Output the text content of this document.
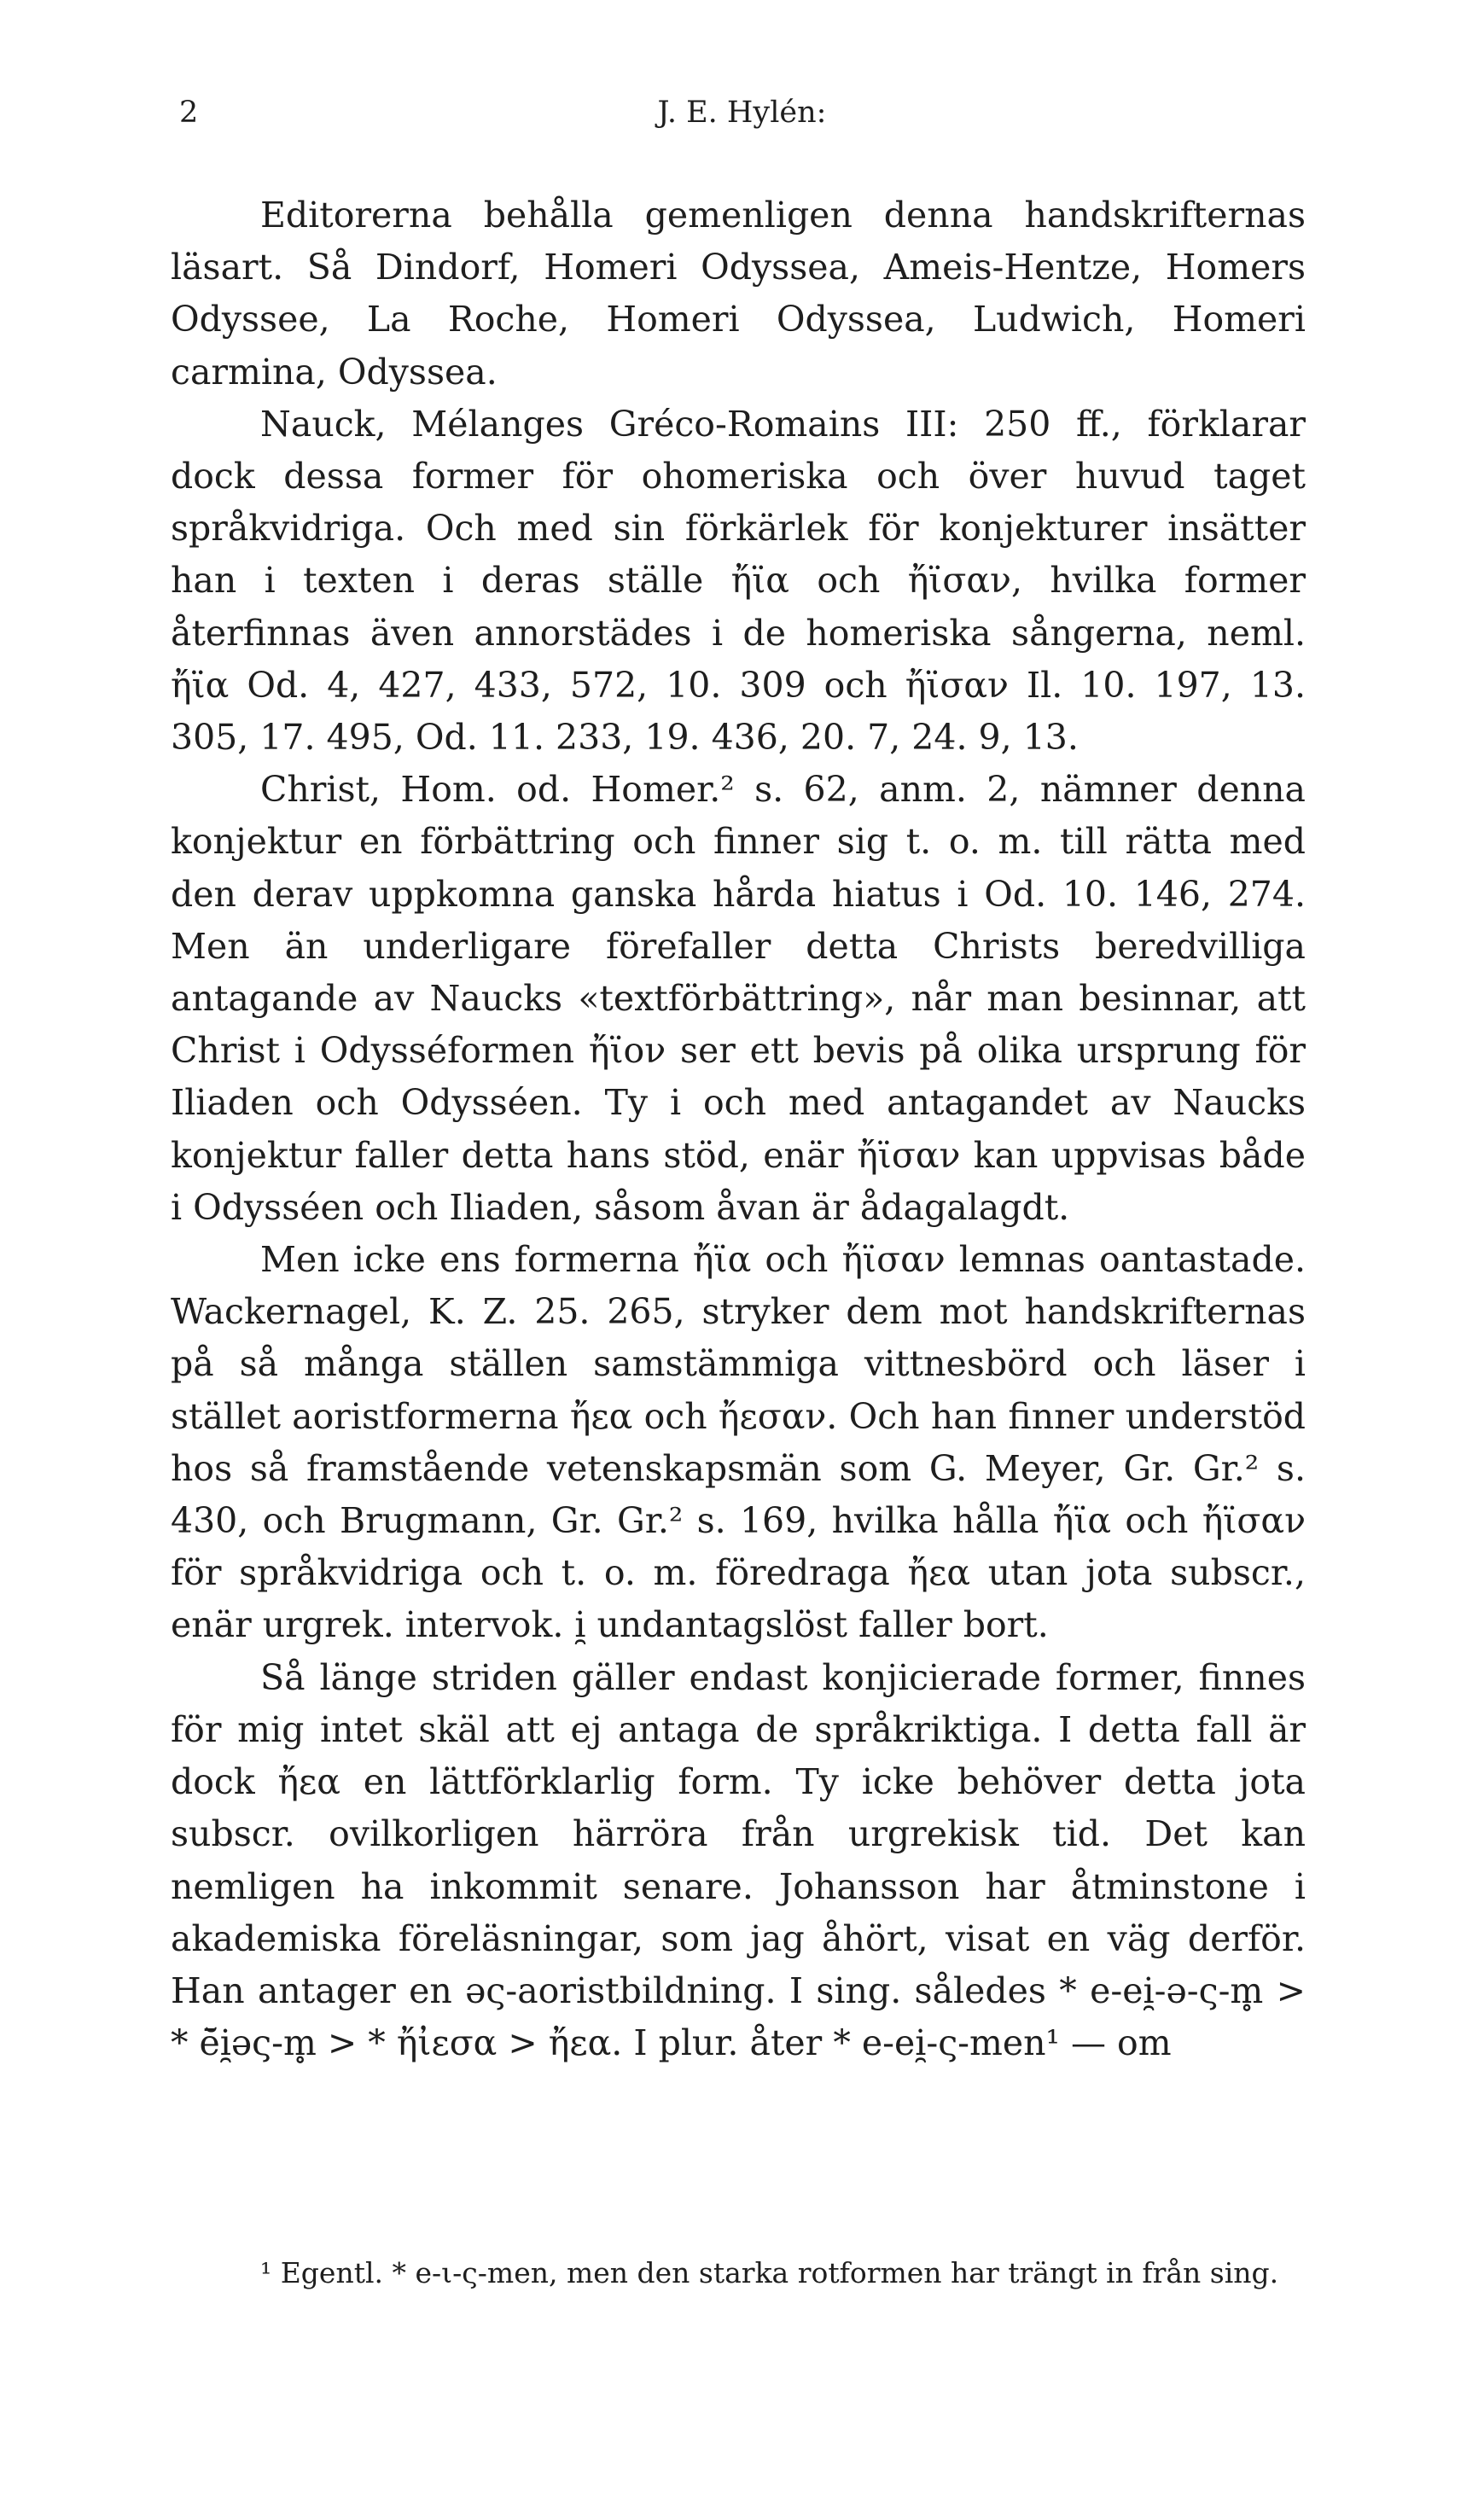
2	J. E. Hylén:

Editorerna behålla gemenligen denna handskrifternas läsart. Så Dindorf, Homeri Odyssea, Ameis-Hentze, Homers Odyssee, La Roche, Homeri Odyssea, Ludwich, Homeri carmina, Odyssea.

Nauck, Mélanges Gréco-Romains III: 250 ff., förklarar dock dessa former för ohomeriska och över huvud taget språkvidriga. Och med sin förkärlek för konjekturer insätter han i texten i deras ställe ἤϊα och ἤϊσαν, hvilka former återfinnas även annorstädes i de homeriska sångerna, neml. ἤϊα Od. 4, 427, 433, 572, 10. 309 och ἤϊσαν Il. 10. 197, 13. 305, 17. 495, Od. 11. 233, 19. 436, 20. 7, 24. 9, 13.

Christ, Hom. od. Homer.² s. 62, anm. 2, nämner denna konjektur en förbättring och finner sig t. o. m. till rätta med den derav uppkomna ganska hårda hiatus i Od. 10. 146, 274. Men än underligare förefaller detta Christs beredvilliga antagande av Naucks «textförbättring», når man besinnar, att Christ i Odysséformen ἤϊον ser ett bevis på olika ursprung för Iliaden och Odysséen. Ty i och med antagandet av Naucks konjektur faller detta hans stöd, enär ἤϊσαν kan uppvisas både i Odysséen och Iliaden, såsom åvan är ådagalagdt.

Men icke ens formerna ἤϊα och ἤϊσαν lemnas oantastade. Wackernagel, K. Z. 25. 265, stryker dem mot handskrifternas på så många ställen samstämmiga vittnesbörd och läser i stället aoristformerna ἤεα och ἤεσαν. Och han finner understöd hos så framstående vetenskapsmän som G. Meyer, Gr. Gr.² s. 430, och Brugmann, Gr. Gr.² s. 169, hvilka hålla ἤϊα och ἤϊσαν för språkvidriga och t. o. m. föredraga ἤεα utan jota subscr., enär urgrek. intervok. i̯ undantagslöst faller bort.

Så länge striden gäller endast konjicierade former, finnes för mig intet skäl att ej antaga de språkriktiga. I detta fall är dock ἤεα en lättförklarlig form. Ty icke behöver detta jota subscr. ovilkorligen härröra från urgrekisk tid. Det kan nemligen ha inkommit senare. Johansson har åtminstone i akademiska föreläsningar, som jag åhört, visat en väg derför. Han antager en əς-aoristbildning. I sing. således * e-ei̯-ə-ς-m̥ > * ē̆i̯əς-m̥ > * ἤἰεσα > ἤεα. I plur. åter * e-ei̯-ς-men¹ — om

¹ Egentl. * e-ι-ς-men, men den starka rotformen har trängt in från sing.
